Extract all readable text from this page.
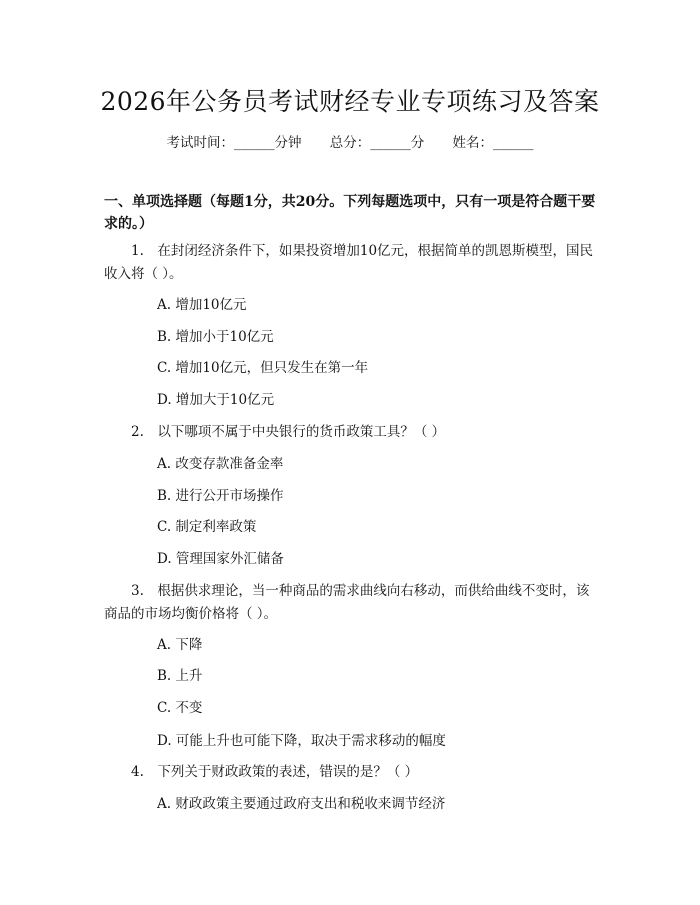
2026年公务员考试财经专业专项练习及答案
考试时间：______分钟 总分：______分 姓名：______
一、单项选择题（每题1分，共20分。下列每题选项中，只有一项是符合题干要求的。）
1.　在封闭经济条件下，如果投资增加10亿元，根据简单的凯恩斯模型，国民收入将（ ）。
A. 增加10亿元
B. 增加小于10亿元
C. 增加10亿元，但只发生在第一年
D. 增加大于10亿元
2.　以下哪项不属于中央银行的货币政策工具？（ ）
A. 改变存款准备金率
B. 进行公开市场操作
C. 制定利率政策
D. 管理国家外汇储备
3.　根据供求理论，当一种商品的需求曲线向右移动，而供给曲线不变时，该商品的市场均衡价格将（ ）。
A. 下降
B. 上升
C. 不变
D. 可能上升也可能下降，取决于需求移动的幅度
4.　下列关于财政政策的表述，错误的是？（ ）
A. 财政政策主要通过政府支出和税收来调节经济
